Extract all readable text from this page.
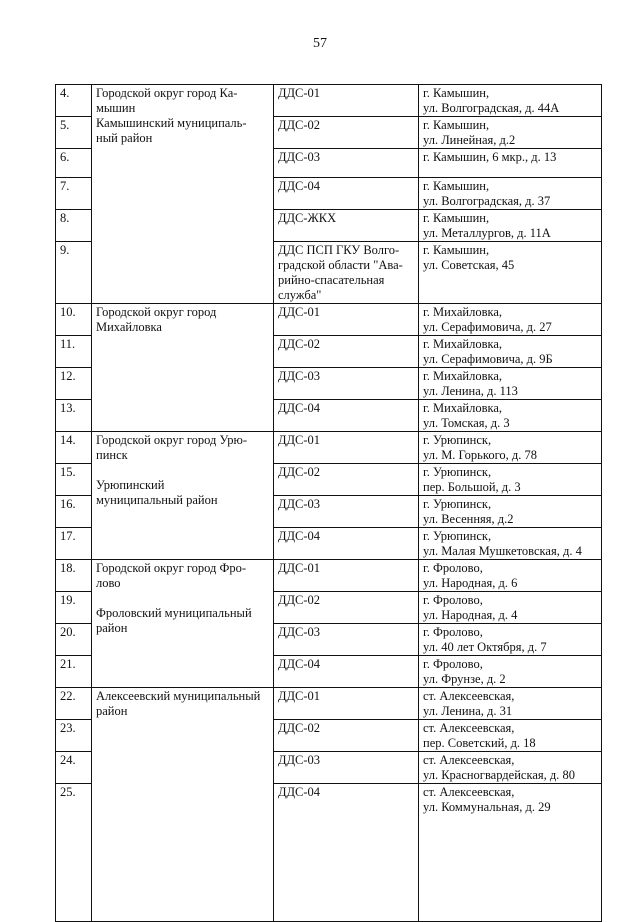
57
4.	Городской округ город Ка-
мышин
Камышинский муниципаль-
ный район	ДДС-01	г. Камышин,
ул. Волгоградская, д. 44А

5.		ДДС-02	г. Камышин,
ул. Линейная, д.2

6.		ДДС-03	г. Камышин, 6 мкр., д. 13

7.		ДДС-04	г. Камышин,
ул. Волгоградская, д. 37

8.		ДДС-ЖКХ	г. Камышин,
ул. Металлургов, д. 11А

9.		ДДС ПСП ГКУ Волго-
градской области "Ава-
рийно-спасательная
служба"	г. Камышин,
ул. Советская, 45

10.	Городской округ город
Михайловка	ДДС-01	г. Михайловка,
ул. Серафимовича, д. 27

11.		ДДС-02	г. Михайловка,
ул. Серафимовича, д. 9Б

12.		ДДС-03	г. Михайловка,
ул. Ленина, д. 113

13.		ДДС-04	г. Михайловка,
ул. Томская, д. 3

14.	Городской округ город Урю-
пинск
Урюпинский
муниципальный район	ДДС-01	г. Урюпинск,
ул. М. Горького, д. 78

15.		ДДС-02	г. Урюпинск,
пер. Большой, д. 3

16.		ДДС-03	г. Урюпинск,
ул. Весенняя, д.2

17.		ДДС-04	г. Урюпинск,
ул. Малая Мушкетовская, д. 4

18.	Городской округ город Фро-
лово
Фроловский муниципальный
район	ДДС-01	г. Фролово,
ул. Народная, д. 6

19.		ДДС-02	г. Фролово,
ул. Народная, д. 4

20.		ДДС-03	г. Фролово,
ул. 40 лет Октября, д. 7

21.		ДДС-04	г. Фролово,
ул. Фрунзе, д. 2

22.	Алексеевский муниципальный
район	ДДС-01	ст. Алексеевская,
ул. Ленина, д. 31

23.		ДДС-02	ст. Алексеевская,
пер. Советский, д. 18

24.		ДДС-03	ст. Алексеевская,
ул. Красногвардейская, д. 80

25.		ДДС-04	ст. Алексеевская,
ул. Коммунальная, д. 29
